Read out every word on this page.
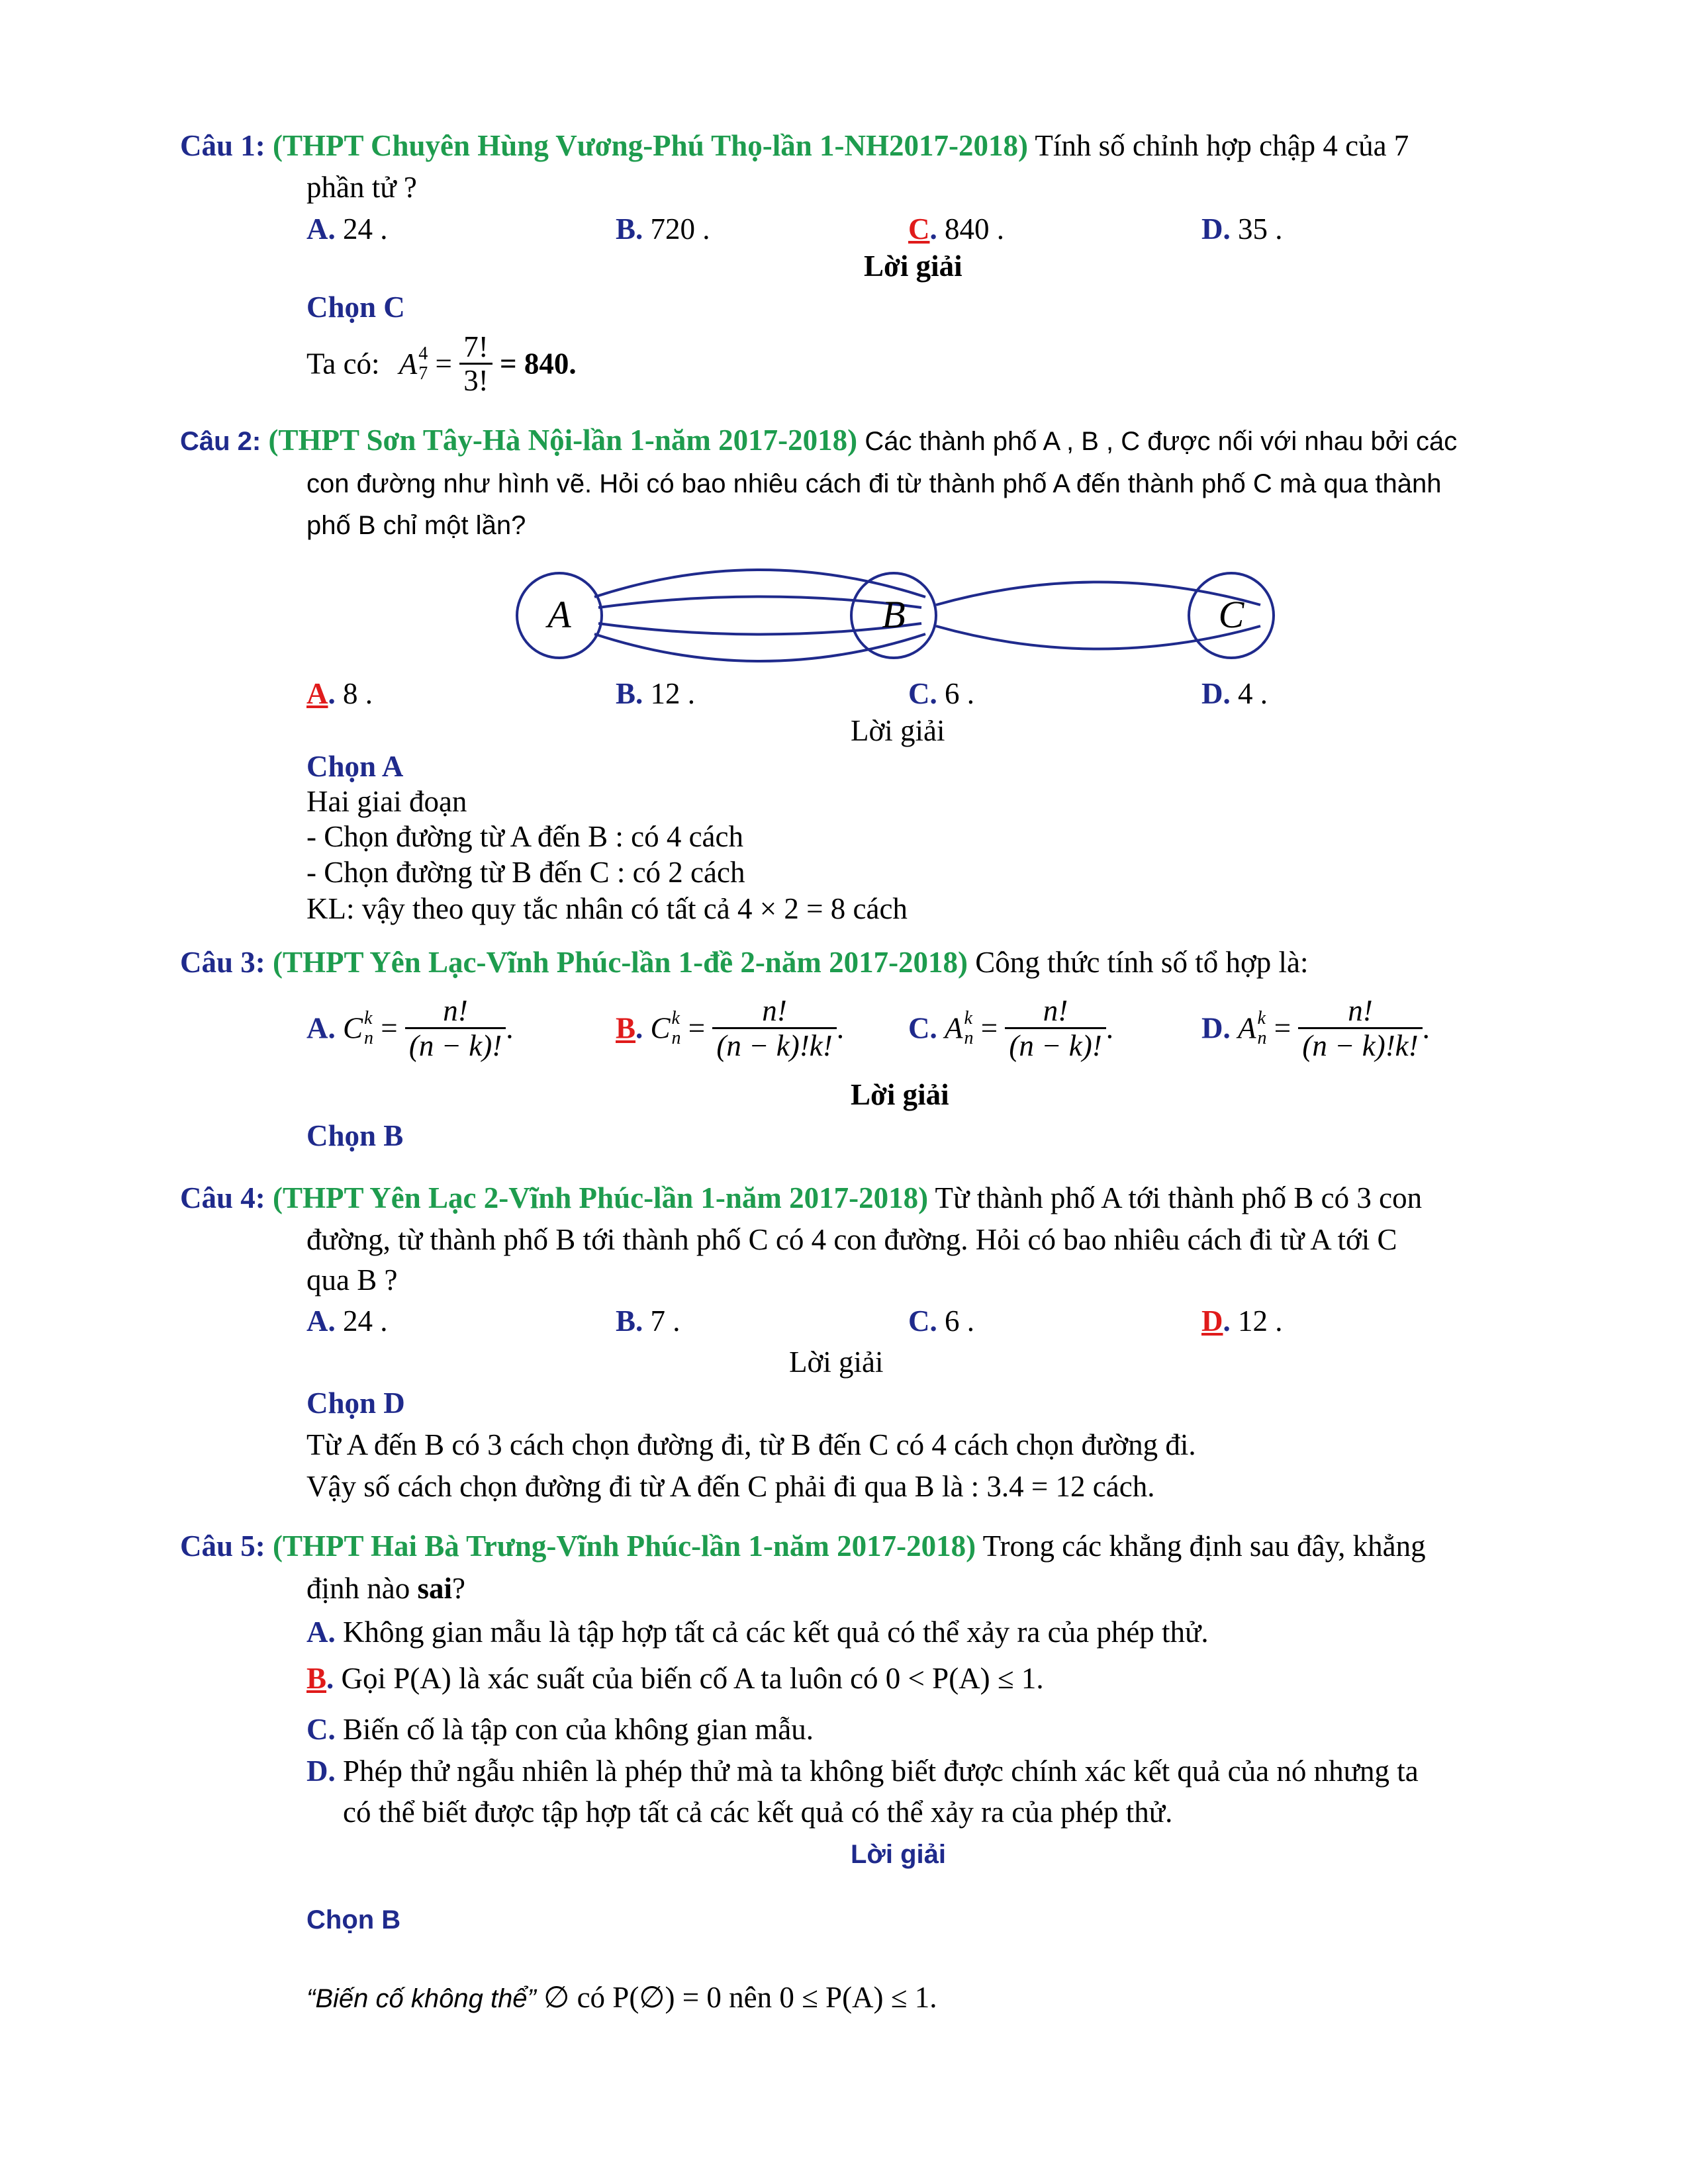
Câu 1: (THPT Chuyên Hùng Vương-Phú Thọ-lần 1-NH2017-2018) Tính số chỉnh hợp chập 4 của 7
phần tử ?
A. 24 .	B. 720 .	C. 840 .	D. 35 .
Lời giải
Chọn C
Ta có: A 4
$7 = \frac{7!}{3!} = 840$.
Câu 2: (THPT Sơn Tây-Hà Nội-lần 1-năm 2017-2018) Các thành phố A , B , C được nối với nhau bởi các
con đường như hình vẽ. Hỏi có bao nhiêu cách đi từ thành phố A đến thành phố C mà qua thành
phố B chỉ một lần?
A	B	C
A. 8 .	B. 12 .	C. 6 .	D. 4 .
Lời giải
Chọn A
Hai giai đoạn
- Chọn đường từ A đến B : có 4 cách
- Chọn đường từ B đến C : có 2 cách
KL: vậy theo quy tắc nhân có tất cả 4 × 2 = 8 cách
Câu 3: (THPT Yên Lạc-Vĩnh Phúc-lần 1-đề 2-năm 2017-2018) Công thức tính số tổ hợp là:
A. C k
$n = \frac{n!}{(n - k)!}$ .	B. C k
$n = \frac{n!}{(n - k)!k!}$ . C. A k
$n = \frac{n!}{(n - k)!}$ .	D. A k
$n = \frac{n!}{(n - k)!k!}$ .
Lời giải
Chọn B
Câu 4: (THPT Yên Lạc 2-Vĩnh Phúc-lần 1-năm 2017-2018) Từ thành phố A tới thành phố B có 3 con
đường, từ thành phố B tới thành phố C có 4 con đường. Hỏi có bao nhiêu cách đi từ A tới C
qua B ?
A. 24 .	B. 7 .	C. 6 .	D. 12 .
Lời giải
Chọn D
Từ A đến B có 3 cách chọn đường đi, từ B đến C có 4 cách chọn đường đi.
Vậy số cách chọn đường đi từ A đến C phải đi qua B là : 3.4 = 12 cách.
Câu 5: (THPT Hai Bà Trưng-Vĩnh Phúc-lần 1-năm 2017-2018) Trong các khẳng định sau đây, khẳng
định nào sai?
A. Không gian mẫu là tập hợp tất cả các kết quả có thể xảy ra của phép thử.
B. Gọi P(A) là xác suất của biến cố A ta luôn có 0 < P(A) ≤ 1.
C. Biến cố là tập con của không gian mẫu.
D. Phép thử ngẫu nhiên là phép thử mà ta không biết được chính xác kết quả của nó nhưng ta
có thể biết được tập hợp tất cả các kết quả có thể xảy ra của phép thử.
Lời giải
Chọn B
“Biến cố không thể” ∅ có P(∅) = 0 nên 0 ≤ P(A) ≤ 1.
